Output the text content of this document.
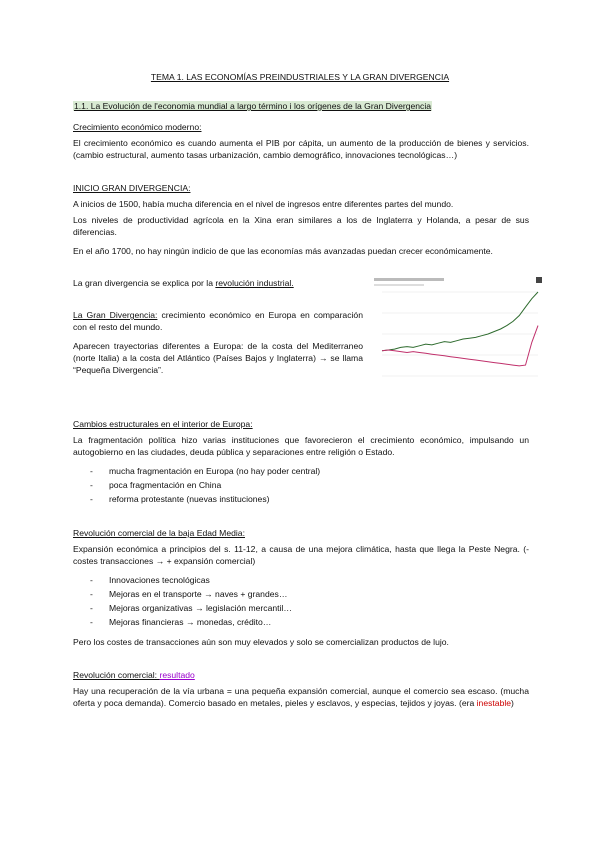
TEMA 1. LAS ECONOMÍAS PREINDUSTRIALES Y LA GRAN DIVERGENCIA
1.1. La Evolución de l'economia mundial a largo término i los orígenes de la Gran Divergencia

Crecimiento económico moderno:

El crecimiento económico es cuando aumenta el PIB por cápita, un aumento de la producción de bienes y servicios. (cambio estructural, aumento tasas urbanización, cambio demográfico, innovaciones tecnológicas…)

INICIO GRAN DIVERGENCIA:

A inicios de 1500, había mucha diferencia en el nivel de ingresos entre diferentes partes del mundo.

Los niveles de productividad agrícola en la Xina eran similares a los de Inglaterra y Holanda, a pesar de sus diferencias.

En el año 1700, no hay ningún indicio de que las economías más avanzadas puedan crecer económicamente.

La gran divergencia se explica por la revolución industrial.

La Gran Divergencia: crecimiento económico en Europa en comparación con el resto del mundo.

Aparecen trayectorias diferentes a Europa: de la costa del Mediterraneo (norte Italia) a la costa del Atlántico (Países Bajos y Inglaterra) → se llama “Pequeña Divergencia”.

Cambios estructurales en el interior de Europa:

La fragmentación política hizo varias instituciones que favorecieron el crecimiento económico, impulsando un autogobierno en las ciudades, deuda pública y separaciones entre religión o Estado.

- mucha fragmentación en Europa (no hay poder central)
- poca fragmentación en China
- reforma protestante (nuevas instituciones)

Revolución comercial de la baja Edad Media:

Expansión económica a principios del s. 11-12, a causa de una mejora climática, hasta que llega la Peste Negra. (- costes transacciones → + expansión comercial)

- Innovaciones tecnológicas
- Mejoras en el transporte → naves + grandes…
- Mejoras organizativas → legislación mercantil…
- Mejoras financieras → monedas, crédito…

Pero los costes de transacciones aún son muy elevados y solo se comercializan productos de lujo.

Revolución comercial: resultado

Hay una recuperación de la vía urbana = una pequeña expansión comercial, aunque el comercio sea escaso. (mucha oferta y poca demanda). Comercio basado en metales, pieles y esclavos, y especias, tejidos y joyas. (era inestable)
